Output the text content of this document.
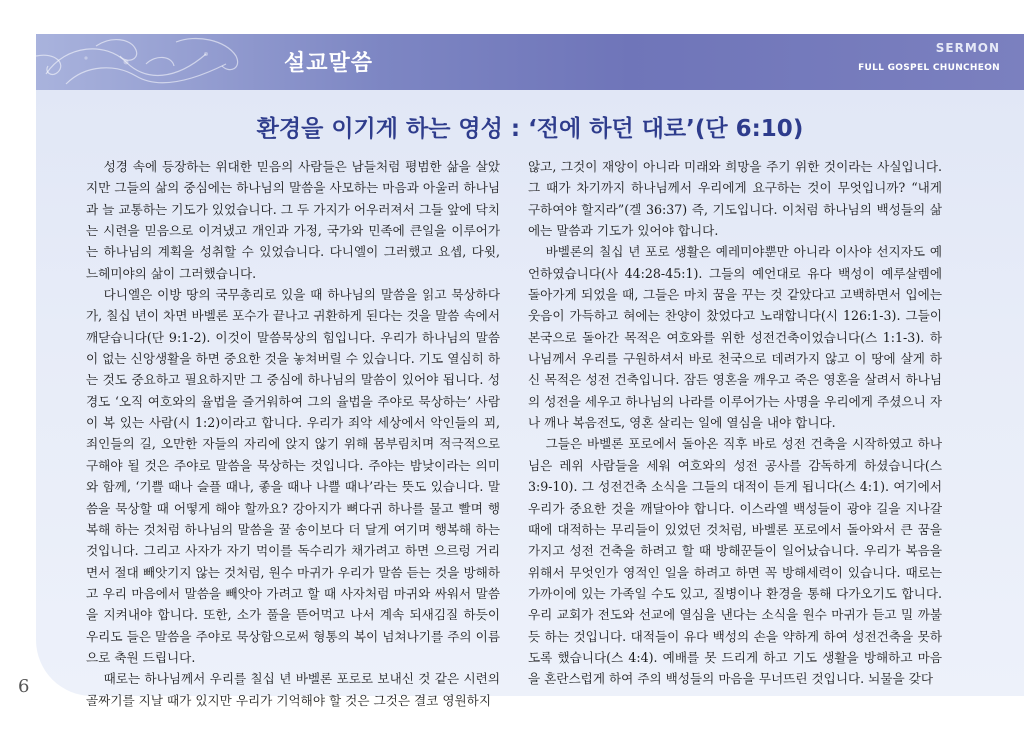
설교말씀
SERMON
FULL GOSPEL CHUNCHEON
환경을 이기게 하는 영성 : ‘전에 하던 대로’(단 6:10)

성경 속에 등장하는 위대한 믿음의 사람들은 남들처럼 평범한 삶을 살았지만 그들의 삶의 중심에는 하나님의 말씀을 사모하는 마음과 아울러 하나님과 늘 교통하는 기도가 있었습니다. 그 두 가지가 어우러져서 그들 앞에 닥치는 시련을 믿음으로 이겨냈고 개인과 가정, 국가와 민족에 큰일을 이루어가는 하나님의 계획을 성취할 수 있었습니다. 다니엘이 그러했고 요셉, 다윗, 느헤미야의 삶이 그러했습니다.

다니엘은 이방 땅의 국무총리로 있을 때 하나님의 말씀을 읽고 묵상하다가, 칠십 년이 차면 바벨론 포수가 끝나고 귀환하게 된다는 것을 말씀 속에서 깨닫습니다(단 9:1-2). 이것이 말씀묵상의 힘입니다. 우리가 하나님의 말씀이 없는 신앙생활을 하면 중요한 것을 놓쳐버릴 수 있습니다. 기도 열심히 하는 것도 중요하고 필요하지만 그 중심에 하나님의 말씀이 있어야 됩니다. 성경도 ‘오직 여호와의 율법을 즐거워하여 그의 율법을 주야로 묵상하는’ 사람이 복 있는 사람(시 1:2)이라고 합니다. 우리가 죄악 세상에서 악인들의 꾀, 죄인들의 길, 오만한 자들의 자리에 앉지 않기 위해 몸부림치며 적극적으로 구해야 될 것은 주야로 말씀을 묵상하는 것입니다. 주야는 밤낮이라는 의미와 함께, ‘기쁠 때나 슬플 때나, 좋을 때나 나쁠 때나’라는 뜻도 있습니다. 말씀을 묵상할 때 어떻게 해야 할까요? 강아지가 뼈다귀 하나를 물고 빨며 행복해 하는 것처럼 하나님의 말씀을 꿀 송이보다 더 달게 여기며 행복해 하는 것입니다. 그리고 사자가 자기 먹이를 독수리가 채가려고 하면 으르렁 거리면서 절대 빼앗기지 않는 것처럼, 원수 마귀가 우리가 말씀 듣는 것을 방해하고 우리 마음에서 말씀을 빼앗아 가려고 할 때 사자처럼 마귀와 싸워서 말씀을 지켜내야 합니다. 또한, 소가 풀을 뜯어먹고 나서 계속 되새김질 하듯이 우리도 들은 말씀을 주야로 묵상함으로써 형통의 복이 넘쳐나기를 주의 이름으로 축원 드립니다.

때로는 하나님께서 우리를 칠십 년 바벨론 포로로 보내신 것 같은 시련의 골짜기를 지날 때가 있지만 우리가 기억해야 할 것은 그것은 결코 영원하지

않고, 그것이 재앙이 아니라 미래와 희망을 주기 위한 것이라는 사실입니다. 그 때가 차기까지 하나님께서 우리에게 요구하는 것이 무엇입니까? “내게 구하여야 할지라”(겔 36:37) 즉, 기도입니다. 이처럼 하나님의 백성들의 삶에는 말씀과 기도가 있어야 합니다.

바벨론의 칠십 년 포로 생활은 예레미야뿐만 아니라 이사야 선지자도 예언하였습니다(사 44:28-45:1). 그들의 예언대로 유다 백성이 예루살렘에 돌아가게 되었을 때, 그들은 마치 꿈을 꾸는 것 같았다고 고백하면서 입에는 웃음이 가득하고 혀에는 찬양이 찼었다고 노래합니다(시 126:1-3). 그들이 본국으로 돌아간 목적은 여호와를 위한 성전건축이었습니다(스 1:1-3). 하나님께서 우리를 구원하셔서 바로 천국으로 데려가지 않고 이 땅에 살게 하신 목적은 성전 건축입니다. 잠든 영혼을 깨우고 죽은 영혼을 살려서 하나님의 성전을 세우고 하나님의 나라를 이루어가는 사명을 우리에게 주셨으니 자나 깨나 복음전도, 영혼 살리는 일에 열심을 내야 합니다.

그들은 바벨론 포로에서 돌아온 직후 바로 성전 건축을 시작하였고 하나님은 레위 사람들을 세워 여호와의 성전 공사를 감독하게 하셨습니다(스 3:9-10). 그 성전건축 소식을 그들의 대적이 듣게 됩니다(스 4:1). 여기에서 우리가 중요한 것을 깨달아야 합니다. 이스라엘 백성들이 광야 길을 지나갈 때에 대적하는 무리들이 있었던 것처럼, 바벨론 포로에서 돌아와서 큰 꿈을 가지고 성전 건축을 하려고 할 때 방해꾼들이 일어났습니다. 우리가 복음을 위해서 무엇인가 영적인 일을 하려고 하면 꼭 방해세력이 있습니다. 때로는 가까이에 있는 가족일 수도 있고, 질병이나 환경을 통해 다가오기도 합니다. 우리 교회가 전도와 선교에 열심을 낸다는 소식을 원수 마귀가 듣고 밀 까불 듯 하는 것입니다. 대적들이 유다 백성의 손을 약하게 하여 성전건축을 못하도록 했습니다(스 4:4). 예배를 못 드리게 하고 기도 생활을 방해하고 마음을 혼란스럽게 하여 주의 백성들의 마음을 무너뜨린 것입니다. 뇌물을 갖다

6
